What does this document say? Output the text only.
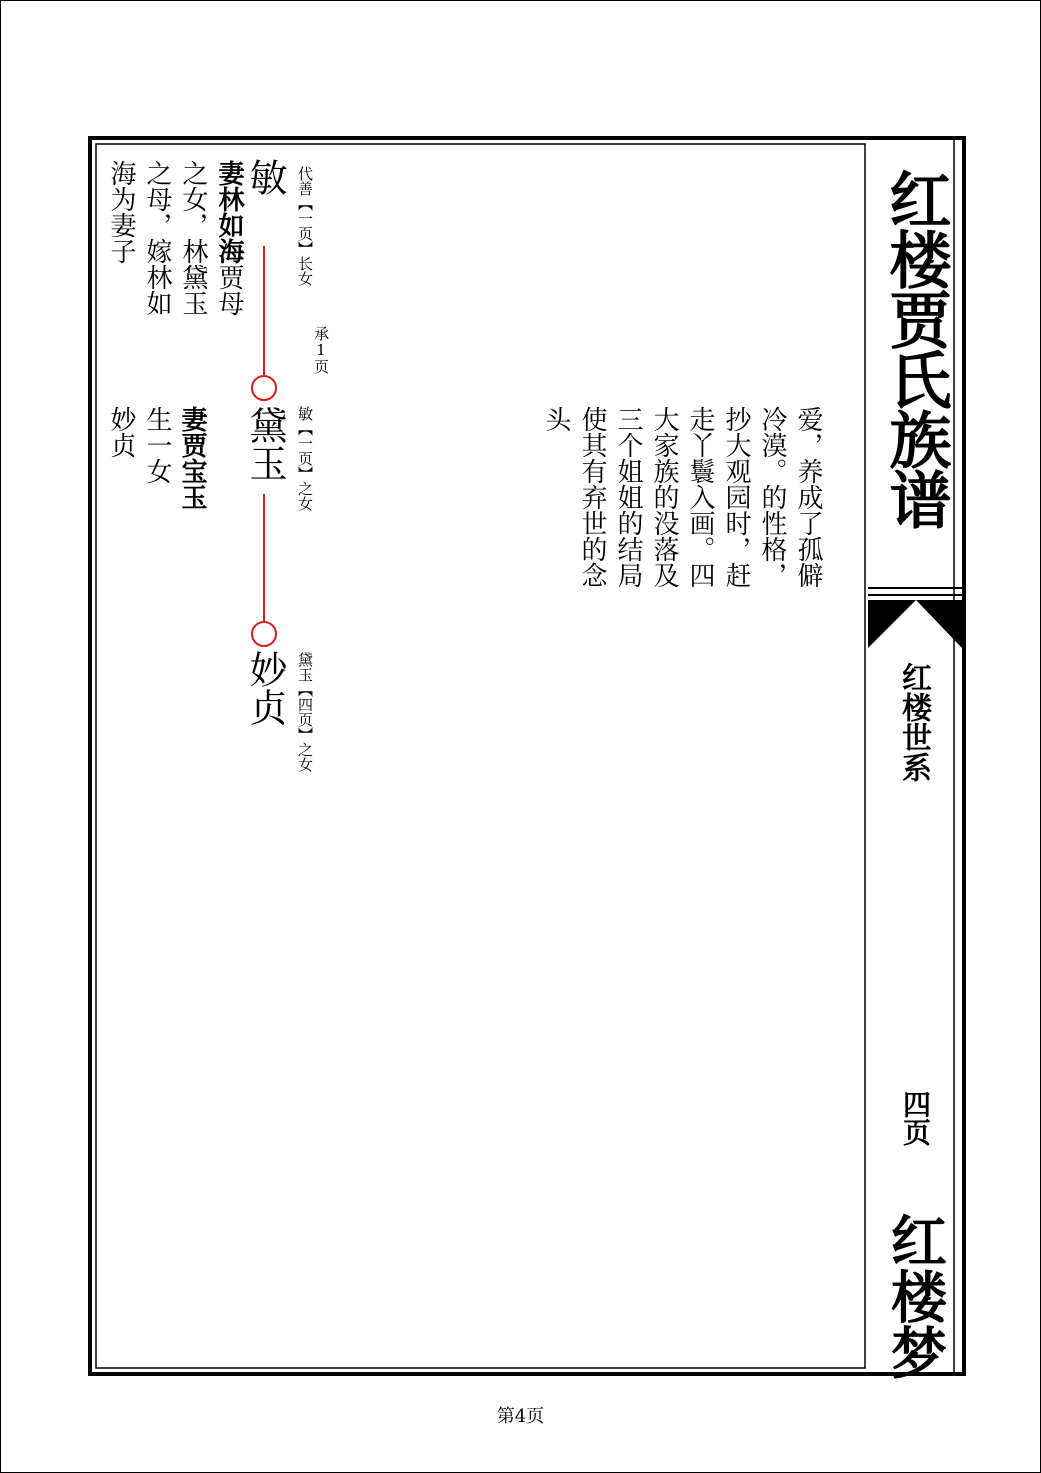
红楼贾氏族谱
红楼世系
四页
红楼梦
敏 代善【一页】长女
承1页
黛玉 敏【一页】之女
妙贞 黛玉【四页】之女
妻林如海贾母之女，林黛玉之母，嫁林如海为妻子
妻贾宝玉
生一女
妙贞	爱，养成了孤僻冷漠。的性格，抄大观园时，赶走丫鬟入画。四大家族的没落及三个姐姐的结局使其有弃世的念头
第4页
